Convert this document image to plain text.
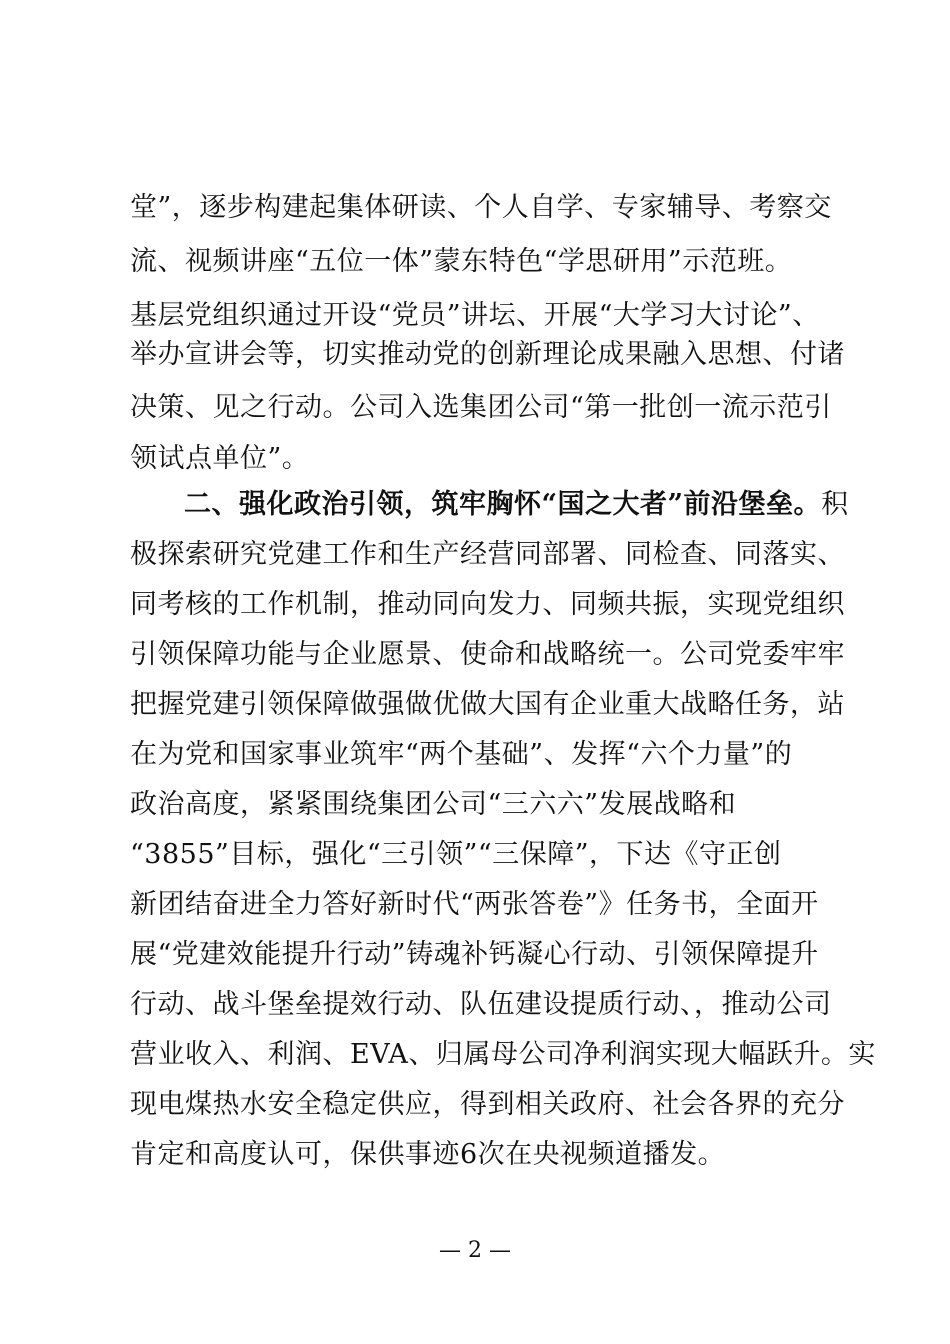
堂”，逐步构建起集体研读、个人自学、专家辅导、考察交
流、视频讲座“五位一体”蒙东特色“学思研用”示范班。
基层党组织通过开设“党员”讲坛、开展“大学习大讨论”、
举办宣讲会等，切实推动党的创新理论成果融入思想、付诸
决策、见之行动。公司入选集团公司“第一批创一流示范引
领试点单位”。
二、强化政治引领，筑牢胸怀“国之大者”前沿堡垒。积
极探索研究党建工作和生产经营同部署、同检查、同落实、
同考核的工作机制，推动同向发力、同频共振，实现党组织
引领保障功能与企业愿景、使命和战略统一。公司党委牢牢
把握党建引领保障做强做优做大国有企业重大战略任务，站
在为党和国家事业筑牢“两个基础”、发挥“六个力量”的
政治高度，紧紧围绕集团公司“三六六”发展战略和
“3855”目标，强化“三引领”“三保障”，下达《守正创
新团结奋进全力答好新时代“两张答卷”》任务书，全面开
展“党建效能提升行动”铸魂补钙凝心行动、引领保障提升
行动、战斗堡垒提效行动、队伍建设提质行动、，推动公司
营业收入、利润、EVA、归属母公司净利润实现大幅跃升。实
现电煤热水安全稳定供应，得到相关政府、社会各界的充分
肯定和高度认可，保供事迹6次在央视频道播发。
— 2 —
